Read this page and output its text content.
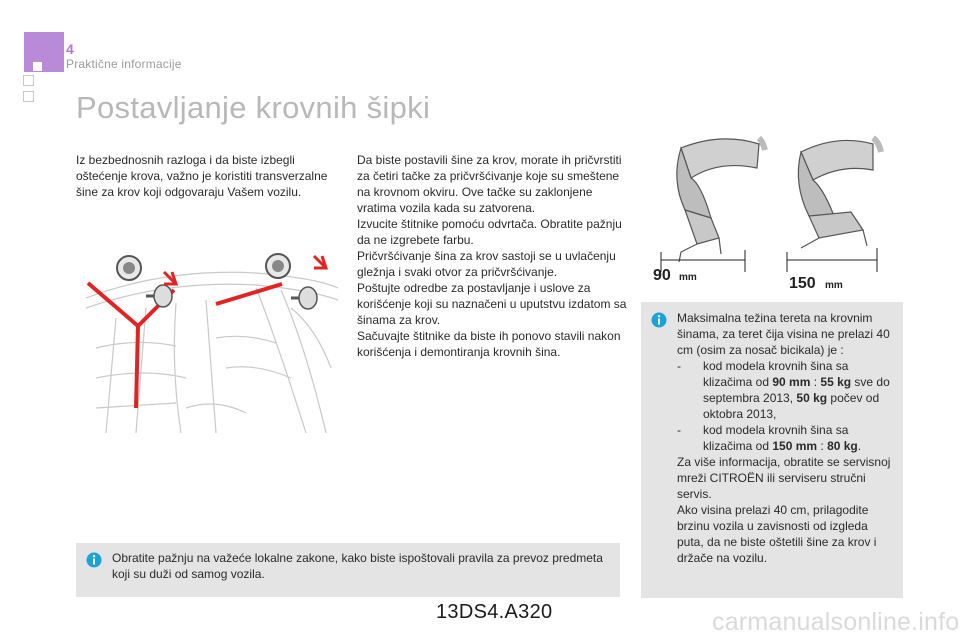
4
Praktične informacije
Postavljanje krovnih šipki
Iz bezbednosnih razloga i da biste izbegli oštećenje krova, važno je koristiti transverzalne šine za krov koji odgovaraju Vašem vozilu.

Da biste postavili šine za krov, morate ih pričvrstiti za četiri tačke za pričvršćivanje koje su smeštene na krovnom okviru. Ove tačke su zaklonjene vratima vozila kada su zatvorena.

Izvucite štitnike pomoću odvrtača. Obratite pažnju da ne izgrebete farbu.

Pričvršćivanje šina za krov sastoji se u uvlačenju gležnja i svaki otvor za pričvršćivanje.

Poštujte odredbe za postavljanje i uslove za korišćenje koji su naznačeni u uputstvu izdatom sa šinama za krov.

Sačuvajte štitnike da biste ih ponovo stavili nakon korišćenja i demontiranja krovnih šina.

90 mm	150 mm

Maksimalna težina tereta na krovnim šinama, za teret čija visina ne prelazi 40 cm (osim za nosač bicikala) je :

-	kod modela krovnih šina sa klizačima od 90 mm : 55 kg sve do septembra 2013, 50 kg počev od oktobra 2013,
-	kod modela krovnih šina sa klizačima od 150 mm : 80 kg.

Za više informacija, obratite se servisnoj mreži CITROËN ili serviseru stručni servis.

Ako visina prelazi 40 cm, prilagodite brzinu vozila u zavisnosti od izgleda puta, da ne biste oštetili šine za krov i držače na vozilu.

Obratite pažnju na važeće lokalne zakone, kako biste ispoštovali pravila za prevoz predmeta koji su duži od samog vozila.
13DS4.A320	carmanualsonline.info
